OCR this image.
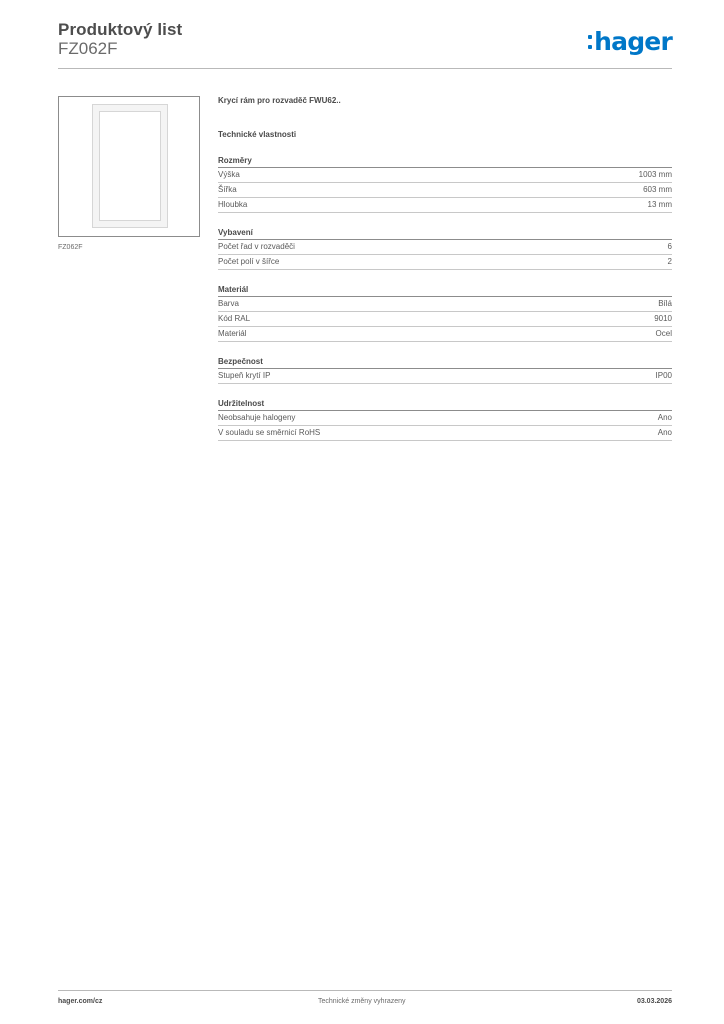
Produktový list
FZ062F	hager
FZ062F
Krycí rám pro rozvaděč FWU62..
Technické vlastnosti
Rozměry
Výška	1003 mm
Šířka	603 mm
Hloubka	13 mm
Vybavení
Počet řad v rozvaděči	6
Počet polí v šířce	2
Materiál
Barva	Bílá
Kód RAL	9010
Materiál	Ocel
Bezpečnost
Stupeň krytí IP	IP00
Udržitelnost
Neobsahuje halogeny	Ano
V souladu se směrnicí RoHS	Ano
hager.com/cz	Technické změny vyhrazeny	03.03.2026
